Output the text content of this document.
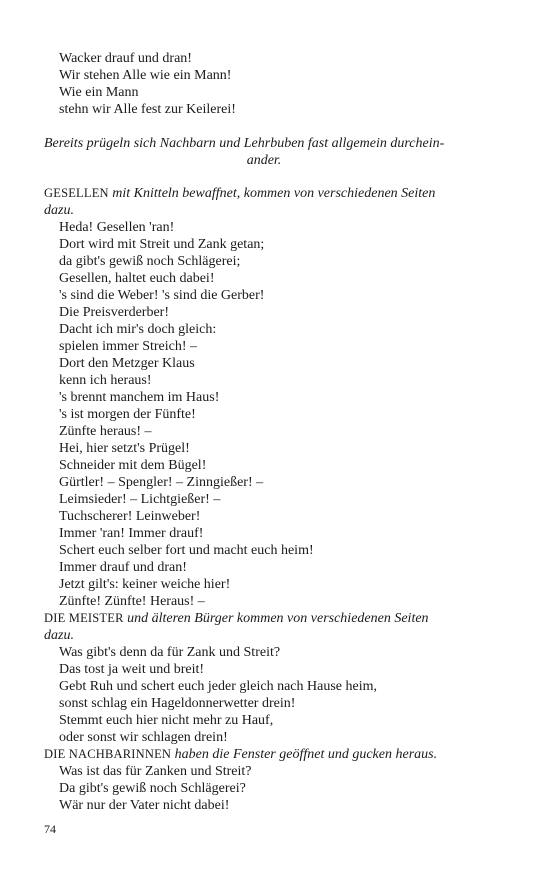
Wacker drauf und dran!
Wir stehen Alle wie ein Mann!
Wie ein Mann
stehn wir Alle fest zur Keilerei!
Bereits prügeln sich Nachbarn und Lehrbuben fast allgemein durchein-
ander.
GESELLEN mit Knitteln bewaffnet, kommen von verschiedenen Seiten
dazu.
Heda! Gesellen 'ran!
Dort wird mit Streit und Zank getan;
da gibt's gewiß noch Schlägerei;
Gesellen, haltet euch dabei!
's sind die Weber! 's sind die Gerber!
Die Preisverderber!
Dacht ich mir's doch gleich:
spielen immer Streich! –
Dort den Metzger Klaus
kenn ich heraus!
's brennt manchem im Haus!
's ist morgen der Fünfte!
Zünfte heraus! –
Hei, hier setzt's Prügel!
Schneider mit dem Bügel!
Gürtler! – Spengler! – Zinngießer! –
Leimsieder! – Lichtgießer! –
Tuchscherer! Leinweber!
Immer 'ran! Immer drauf!
Schert euch selber fort und macht euch heim!
Immer drauf und dran!
Jetzt gilt's: keiner weiche hier!
Zünfte! Zünfte! Heraus! –
DIE MEISTER und älteren Bürger kommen von verschiedenen Seiten
dazu.
Was gibt's denn da für Zank und Streit?
Das tost ja weit und breit!
Gebt Ruh und schert euch jeder gleich nach Hause heim,
sonst schlag ein Hageldonnerwetter drein!
Stemmt euch hier nicht mehr zu Hauf,
oder sonst wir schlagen drein!
DIE NACHBARINNEN haben die Fenster geöffnet und gucken heraus.
Was ist das für Zanken und Streit?
Da gibt's gewiß noch Schlägerei?
Wär nur der Vater nicht dabei!
74
